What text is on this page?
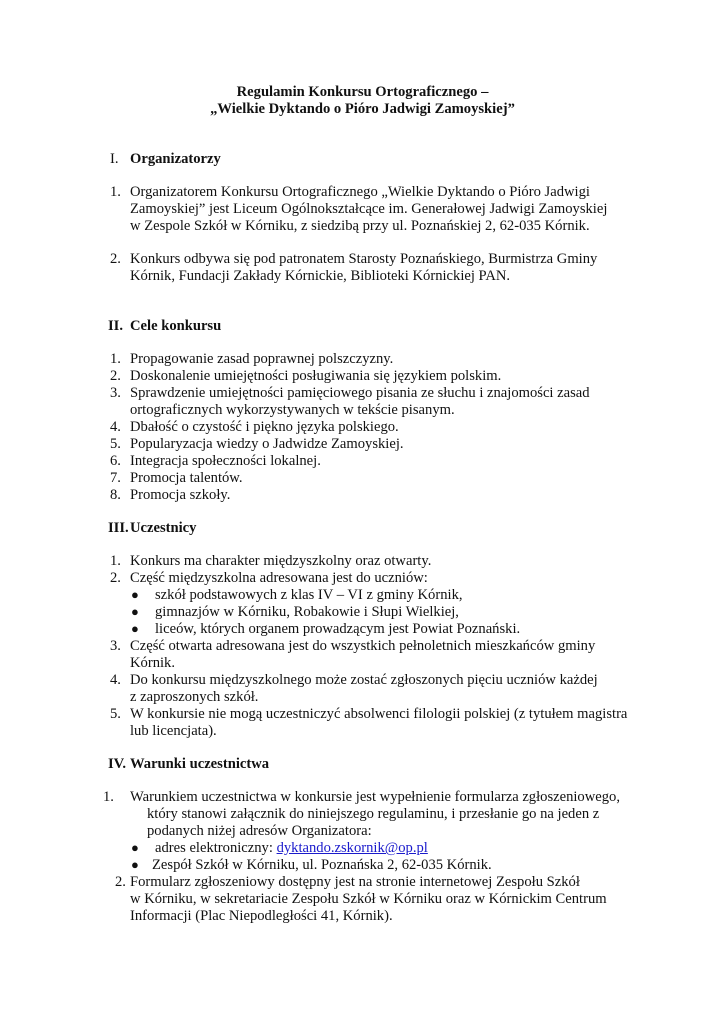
Regulamin Konkursu Ortograficznego –
„Wielkie Dyktando o Pióro Jadwigi Zamoyskiej”
I. Organizatorzy
1. Organizatorem Konkursu Ortograficznego „Wielkie Dyktando o Pióro Jadwigi
Zamoyskiej” jest Liceum Ogólnokształcące im. Generałowej Jadwigi Zamoyskiej
w Zespole Szkół w Kórniku, z siedzibą przy ul. Poznańskiej 2, 62-035 Kórnik.
2. Konkurs odbywa się pod patronatem Starosty Poznańskiego, Burmistrza Gminy
Kórnik, Fundacji Zakłady Kórnickie, Biblioteki Kórnickiej PAN.
II. Cele konkursu
1. Propagowanie zasad poprawnej polszczyzny.
2. Doskonalenie umiejętności posługiwania się językiem polskim.
3. Sprawdzenie umiejętności pamięciowego pisania ze słuchu i znajomości zasad
ortograficznych wykorzystywanych w tekście pisanym.
4. Dbałość o czystość i piękno języka polskiego.
5. Popularyzacja wiedzy o Jadwidze Zamoyskiej.
6. Integracja społeczności lokalnej.
7. Promocja talentów.
8. Promocja szkoły.
III. Uczestnicy
1. Konkurs ma charakter międzyszkolny oraz otwarty.
2. Część międzyszkolna adresowana jest do uczniów:
● szkół podstawowych z klas IV – VI z gminy Kórnik,
● gimnazjów w Kórniku, Robakowie i Słupi Wielkiej,
● liceów, których organem prowadzącym jest Powiat Poznański.
3. Część otwarta adresowana jest do wszystkich pełnoletnich mieszkańców gminy
Kórnik.
4. Do konkursu międzyszkolnego może zostać zgłoszonych pięciu uczniów każdej
z zaproszonych szkół.
5. W konkursie nie mogą uczestniczyć absolwenci filologii polskiej (z tytułem magistra
lub licencjata).
IV. Warunki uczestnictwa
1. Warunkiem uczestnictwa w konkursie jest wypełnienie formularza zgłoszeniowego,
który stanowi załącznik do niniejszego regulaminu, i przesłanie go na jeden z
podanych niżej adresów Organizatora:
● adres elektroniczny: dyktando.zskornik@op.pl
● Zespół Szkół w Kórniku, ul. Poznańska 2, 62-035 Kórnik.
2. Formularz zgłoszeniowy dostępny jest na stronie internetowej Zespołu Szkół
w Kórniku, w sekretariacie Zespołu Szkół w Kórniku oraz w Kórnickim Centrum
Informacji (Plac Niepodległości 41, Kórnik).
